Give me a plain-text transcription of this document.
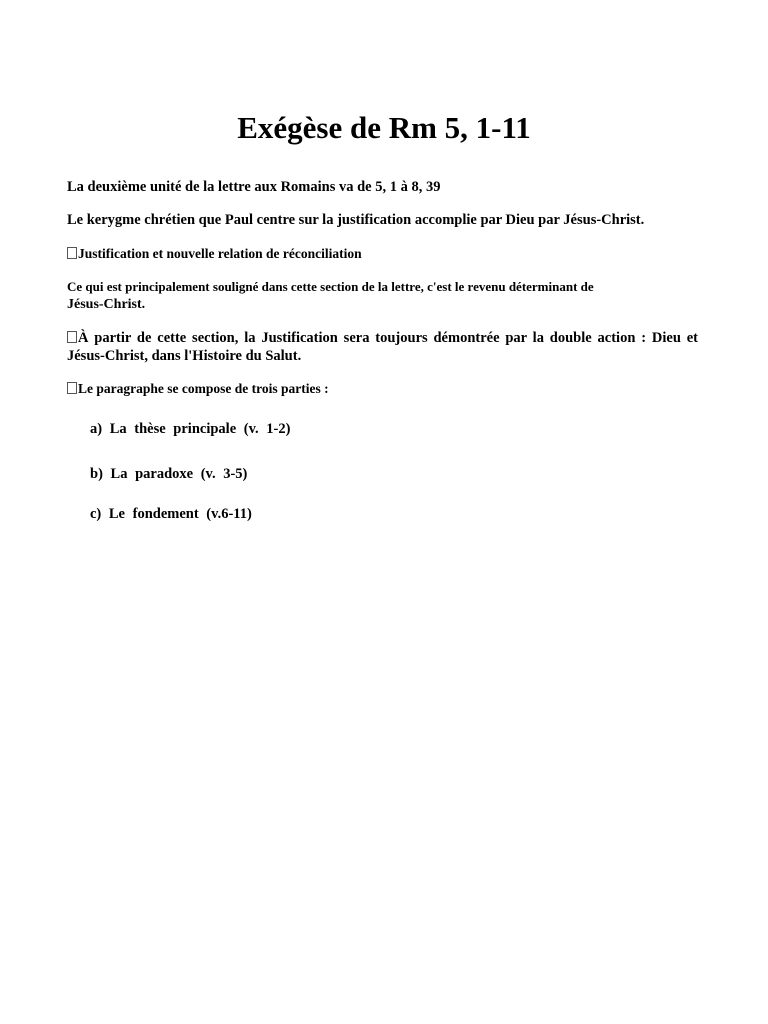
Exégèse de Rm 5, 1-11

La deuxième unité de la lettre aux Romains va de 5, 1 à 8, 39

Le kerygme chrétien que Paul centre sur la justification accomplie par Dieu par Jésus-Christ.

Justification et nouvelle relation de réconciliation

Ce qui est principalement souligné dans cette section de la lettre, c'est le revenu déterminant de
Jésus-Christ.

À partir de cette section, la Justification sera toujours démontrée par la double action : Dieu et Jésus-Christ, dans l'Histoire du Salut.

Le paragraphe se compose de trois parties :

a) La thèse principale (v. 1-2)

b) La paradoxe (v. 3-5)

c) Le fondement (v.6-11)
